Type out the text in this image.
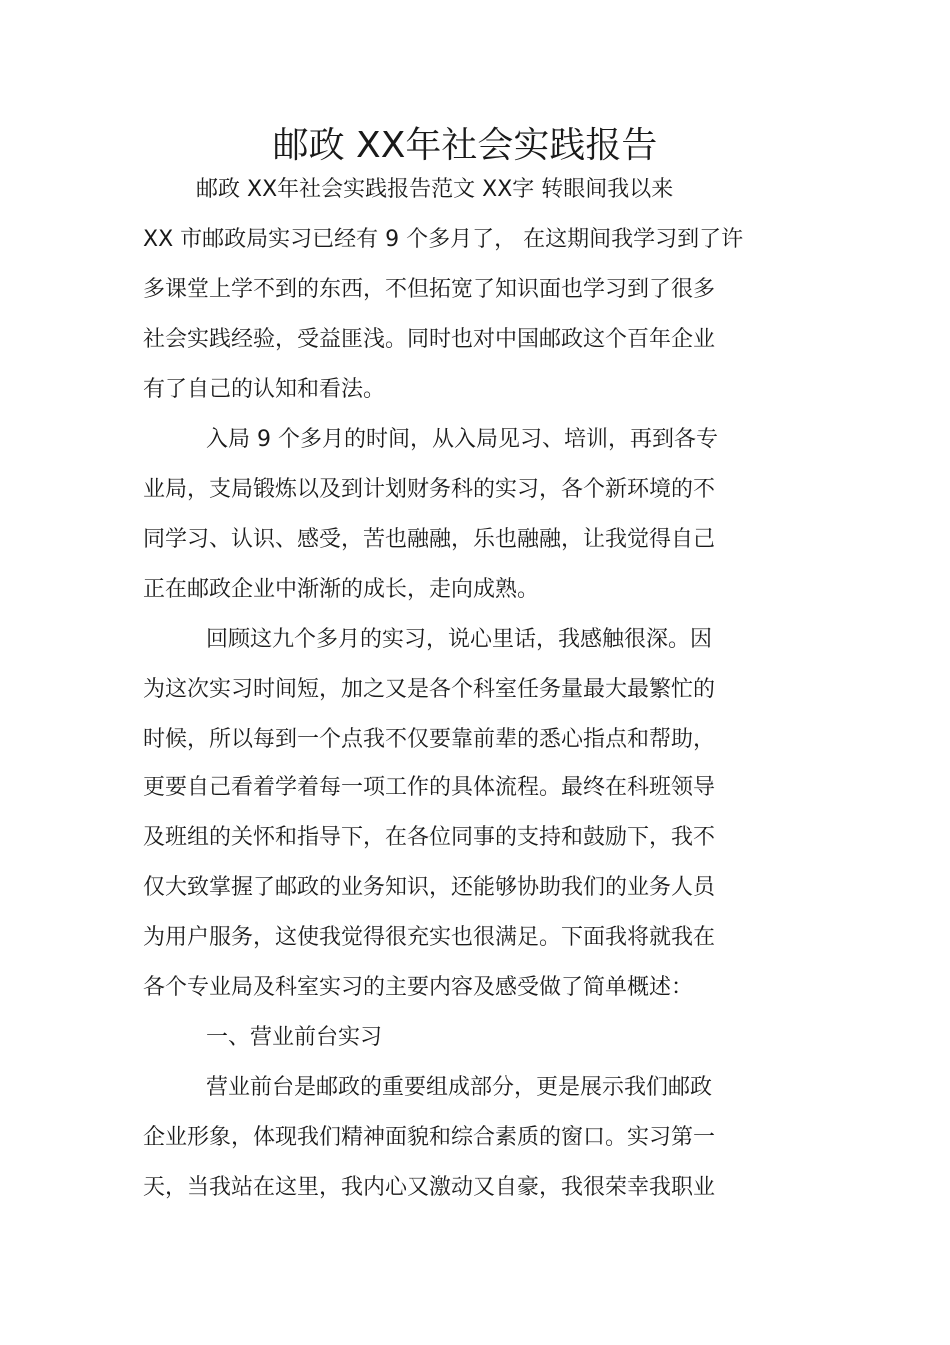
邮政 XX年社会实践报告
邮政 XX年社会实践报告范文 XX字 转眼间我以来
XX 市邮政局实习已经有 9 个多月了， 在这期间我学习到了许
多课堂上学不到的东西，不但拓宽了知识面也学习到了很多
社会实践经验，受益匪浅。同时也对中国邮政这个百年企业
有了自己的认知和看法。
入局 9 个多月的时间，从入局见习、培训，再到各专
业局，支局锻炼以及到计划财务科的实习，各个新环境的不
同学习、认识、感受，苦也融融，乐也融融，让我觉得自己
正在邮政企业中渐渐的成长，走向成熟。
回顾这九个多月的实习，说心里话，我感触很深。因
为这次实习时间短，加之又是各个科室任务量最大最繁忙的
时候，所以每到一个点我不仅要靠前辈的悉心指点和帮助，
更要自己看着学着每一项工作的具体流程。最终在科班领导
及班组的关怀和指导下，在各位同事的支持和鼓励下，我不
仅大致掌握了邮政的业务知识，还能够协助我们的业务人员
为用户服务，这使我觉得很充实也很满足。下面我将就我在
各个专业局及科室实习的主要内容及感受做了简单概述：
一、营业前台实习
营业前台是邮政的重要组成部分，更是展示我们邮政
企业形象，体现我们精神面貌和综合素质的窗口。实习第一
天，当我站在这里，我内心又激动又自豪，我很荣幸我职业
